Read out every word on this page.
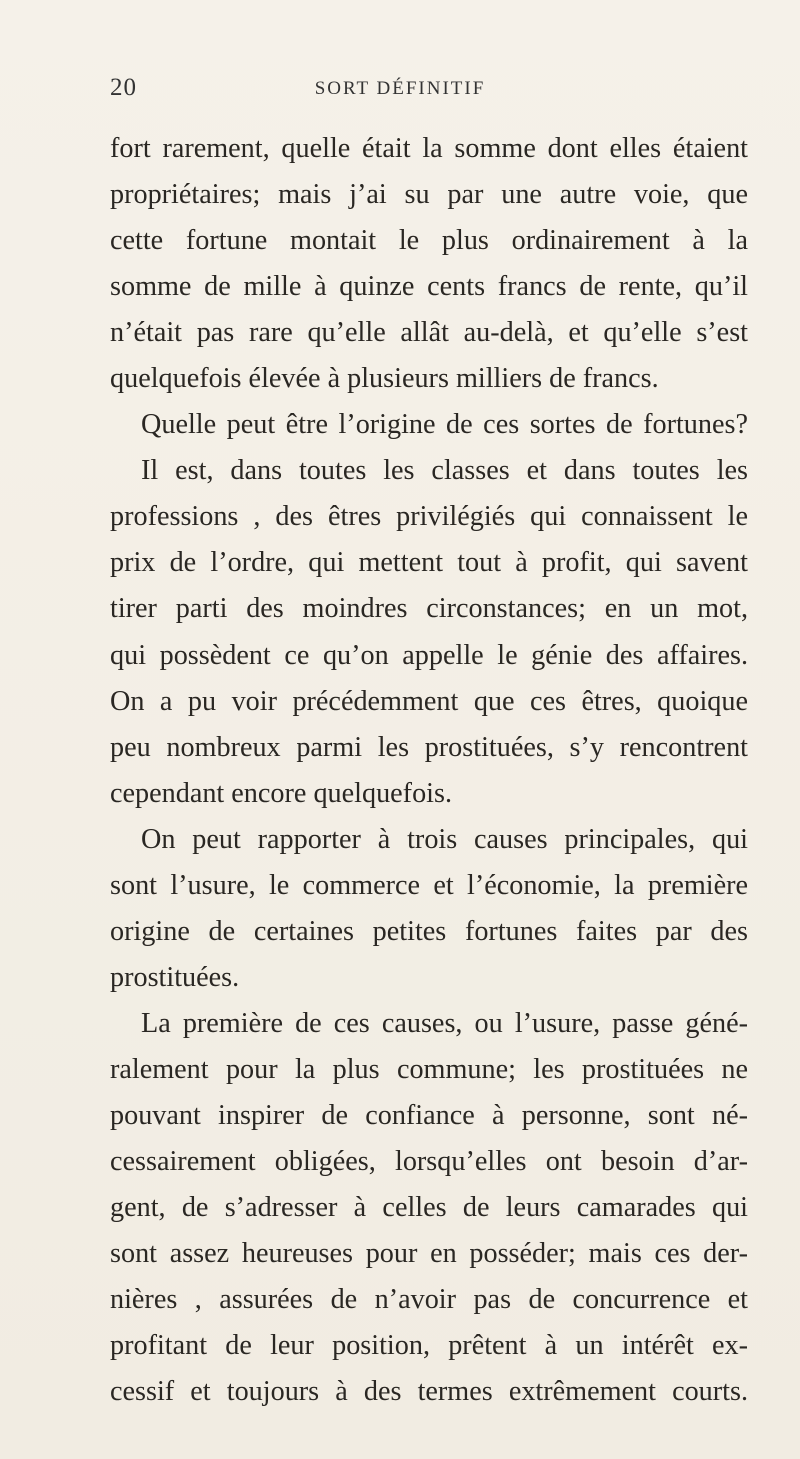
20	SORT DÉFINITIF
fort rarement, quelle était la somme dont elles étaient
propriétaires; mais j’ai su par une autre voie, que
cette fortune montait le plus ordinairement à la
somme de mille à quinze cents francs de rente, qu’il
n’était pas rare qu’elle allât au-delà, et qu’elle s’est
quelquefois élevée à plusieurs milliers de francs.
Quelle peut être l’origine de ces sortes de fortunes?
Il est, dans toutes les classes et dans toutes les
professions , des êtres privilégiés qui connaissent le
prix de l’ordre, qui mettent tout à profit, qui savent
tirer parti des moindres circonstances; en un mot,
qui possèdent ce qu’on appelle le génie des affaires.
On a pu voir précédemment que ces êtres, quoique
peu nombreux parmi les prostituées, s’y rencontrent
cependant encore quelquefois.
On peut rapporter à trois causes principales, qui
sont l’usure, le commerce et l’économie, la première
origine de certaines petites fortunes faites par des
prostituées.
La première de ces causes, ou l’usure, passe géné-
ralement pour la plus commune; les prostituées ne
pouvant inspirer de confiance à personne, sont né-
cessairement obligées, lorsqu’elles ont besoin d’ar-
gent, de s’adresser à celles de leurs camarades qui
sont assez heureuses pour en posséder; mais ces der-
nières , assurées de n’avoir pas de concurrence et
profitant de leur position, prêtent à un intérêt ex-
cessif et toujours à des termes extrêmement courts.
